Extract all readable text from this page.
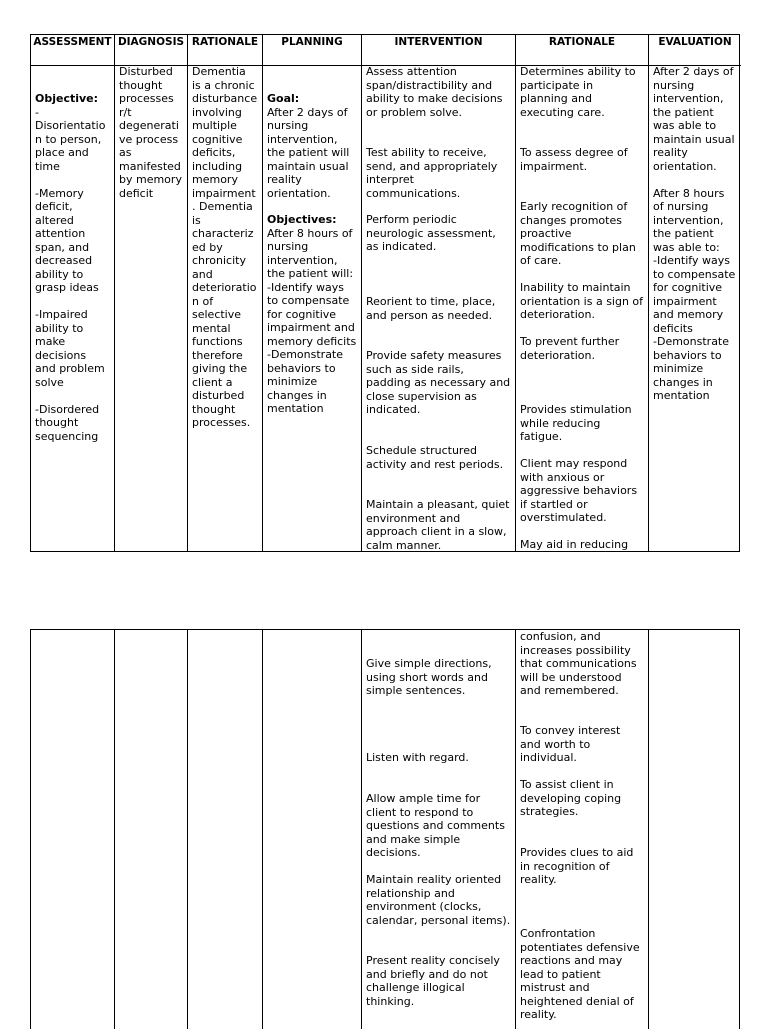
ASSESSMENT

Objective:
-
Disorientation to person, place and time

-Memory deficit, altered attention span, and decreased ability to grasp ideas

-Impaired ability to make decisions and problem solve

-Disordered thought sequencing

DIAGNOSIS
Disturbed thought processes r/t degenerative process as manifested by memory deficit
RATIONALE
Dementia is a chronic disturbance involving multiple cognitive deficits, including memory impairment. Dementia is characterized by chronicity and deterioration of selective mental functions therefore giving the client a disturbed thought processes.
PLANNING

Goal:
After 2 days of nursing intervention, the patient will maintain usual reality orientation.
Objectives:
After 8 hours of nursing intervention, the patient will:
-Identify ways to compensate for cognitive impairment and memory deficits
-Demonstrate behaviors to minimize changes in mentation

INTERVENTION
Assess attention span/distractibility and ability to make decisions or problem solve.
Test ability to receive, send, and appropriately interpret communications.
Perform periodic neurologic assessment, as indicated.
Reorient to time, place, and person as needed.
Provide safety measures such as side rails, padding as necessary and close supervision as indicated.
Schedule structured activity and rest periods.
Maintain a pleasant, quiet environment and approach client in a slow, calm manner.
RATIONALE
Determines ability to participate in planning and executing care.
To assess degree of impairment.
Early recognition of changes promotes proactive modifications to plan of care.
Inability to maintain orientation is a sign of deterioration.
To prevent further deterioration.
Provides stimulation while reducing fatigue.
Client may respond with anxious or aggressive behaviors if startled or overstimulated.
May aid in reducing
EVALUATION
After 2 days of nursing intervention, the patient was able to maintain usual reality orientation.

After 8 hours of nursing intervention, the patient was able to:
-Identify ways to compensate for cognitive impairment and memory deficits
-Demonstrate behaviors to minimize changes in mentation
Give simple directions, using short words and simple sentences.
Listen with regard.
Allow ample time for client to respond to questions and comments and make simple decisions.
Maintain reality oriented relationship and environment (clocks, calendar, personal items).
Present reality concisely and briefly and do not challenge illogical thinking.
confusion, and increases possibility that communications will be understood and remembered.
To convey interest and worth to individual.
To assist client in developing coping strategies.
Provides clues to aid in recognition of reality.
Confrontation potentiates defensive reactions and may lead to patient mistrust and heightened denial of reality.
